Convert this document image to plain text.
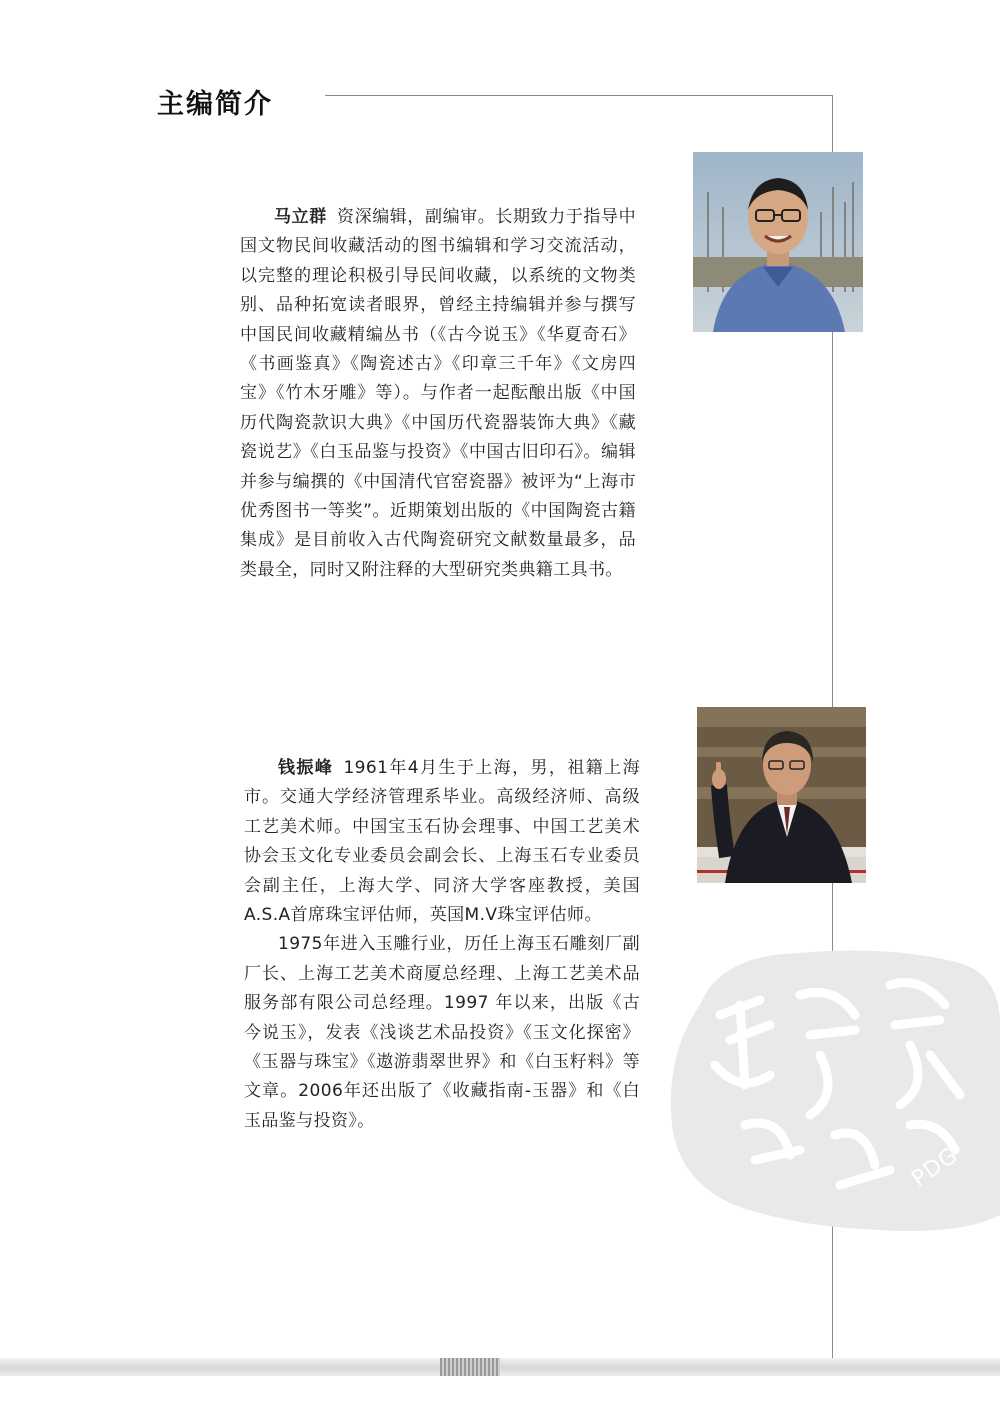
主编简介

马立群 资深编辑，副编审。长期致力于指导中国文物民间收藏活动的图书编辑和学习交流活动，以完整的理论积极引导民间收藏，以系统的文物类别、品种拓宽读者眼界，曾经主持编辑并参与撰写中国民间收藏精编丛书（《古今说玉》《华夏奇石》《书画鉴真》《陶瓷述古》《印章三千年》《文房四宝》《竹木牙雕》等）。与作者一起酝酿出版《中国历代陶瓷款识大典》《中国历代瓷器装饰大典》《藏瓷说艺》《白玉品鉴与投资》《中国古旧印石》。编辑并参与编撰的《中国清代官窑瓷器》被评为“上海市优秀图书一等奖”。近期策划出版的《中国陶瓷古籍集成》是目前收入古代陶瓷研究文献数量最多，品类最全，同时又附注释的大型研究类典籍工具书。

钱振峰 1961年4月生于上海，男，祖籍上海市。交通大学经济管理系毕业。高级经济师、高级工艺美术师。中国宝玉石协会理事、中国工艺美术协会玉文化专业委员会副会长、上海玉石专业委员会副主任，上海大学、同济大学客座教授，美国A.S.A首席珠宝评估师，英国M.V珠宝评估师。

1975年进入玉雕行业，历任上海玉石雕刻厂副厂长、上海工艺美术商厦总经理、上海工艺美术品服务部有限公司总经理。1997 年以来，出版《古今说玉》，发表《浅谈艺术品投资》《玉文化探密》《玉器与珠宝》《遨游翡翠世界》和《白玉籽料》等文章。2006年还出版了《收藏指南-玉器》和《白玉品鉴与投资》。

PDG
